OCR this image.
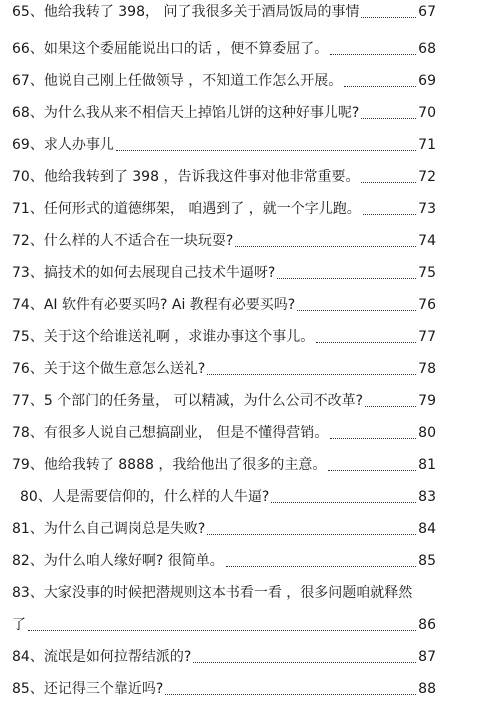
65 、他给我转了 398， 问了我很多关于酒局饭局的事情	67
66 、如果这个委屈能说出口的话 ，便不算委屈了。	68
67 、他说自己刚上任做领导 ，不知道工作怎么开展。	69
68 、为什么我从来不相信天上掉馅儿饼的这种好事儿呢?	70
69 、求人办事儿	71
70 、他给我转到了 398 ，告诉我这件事对他非常重要。	72
71 、任何形式的道德绑架， 咱遇到了 ，就一个字儿跑。	73
72 、什么样的人不适合在一块玩耍?	74
73 、搞技术的如何去展现自己技术牛逼呀?	75
74 、AI 软件有必要买吗? Ai 教程有必要买吗?	76
75 、关于这个给谁送礼啊 ，求谁办事这个事儿。	77
76 、关于这个做生意怎么送礼?	78
77 、5 个部门的任务量， 可以精减，为什么公司不改革?	79
78 、有很多人说自己想搞副业， 但是不懂得营销。	80
79 、他给我转了 8888 ，我给他出了很多的主意。	81
80 、人是需要信仰的，什么样的人牛逼?	83
81 、为什么自己调岗总是失败?	84
82 、为什么咱人缘好啊? 很简单。	85
83 、大家没事的时候把潜规则这本书看一看 ，很多问题咱就释然
了	86
84 、流氓是如何拉帮结派的?	87
85 、还记得三个靠近吗?	88
